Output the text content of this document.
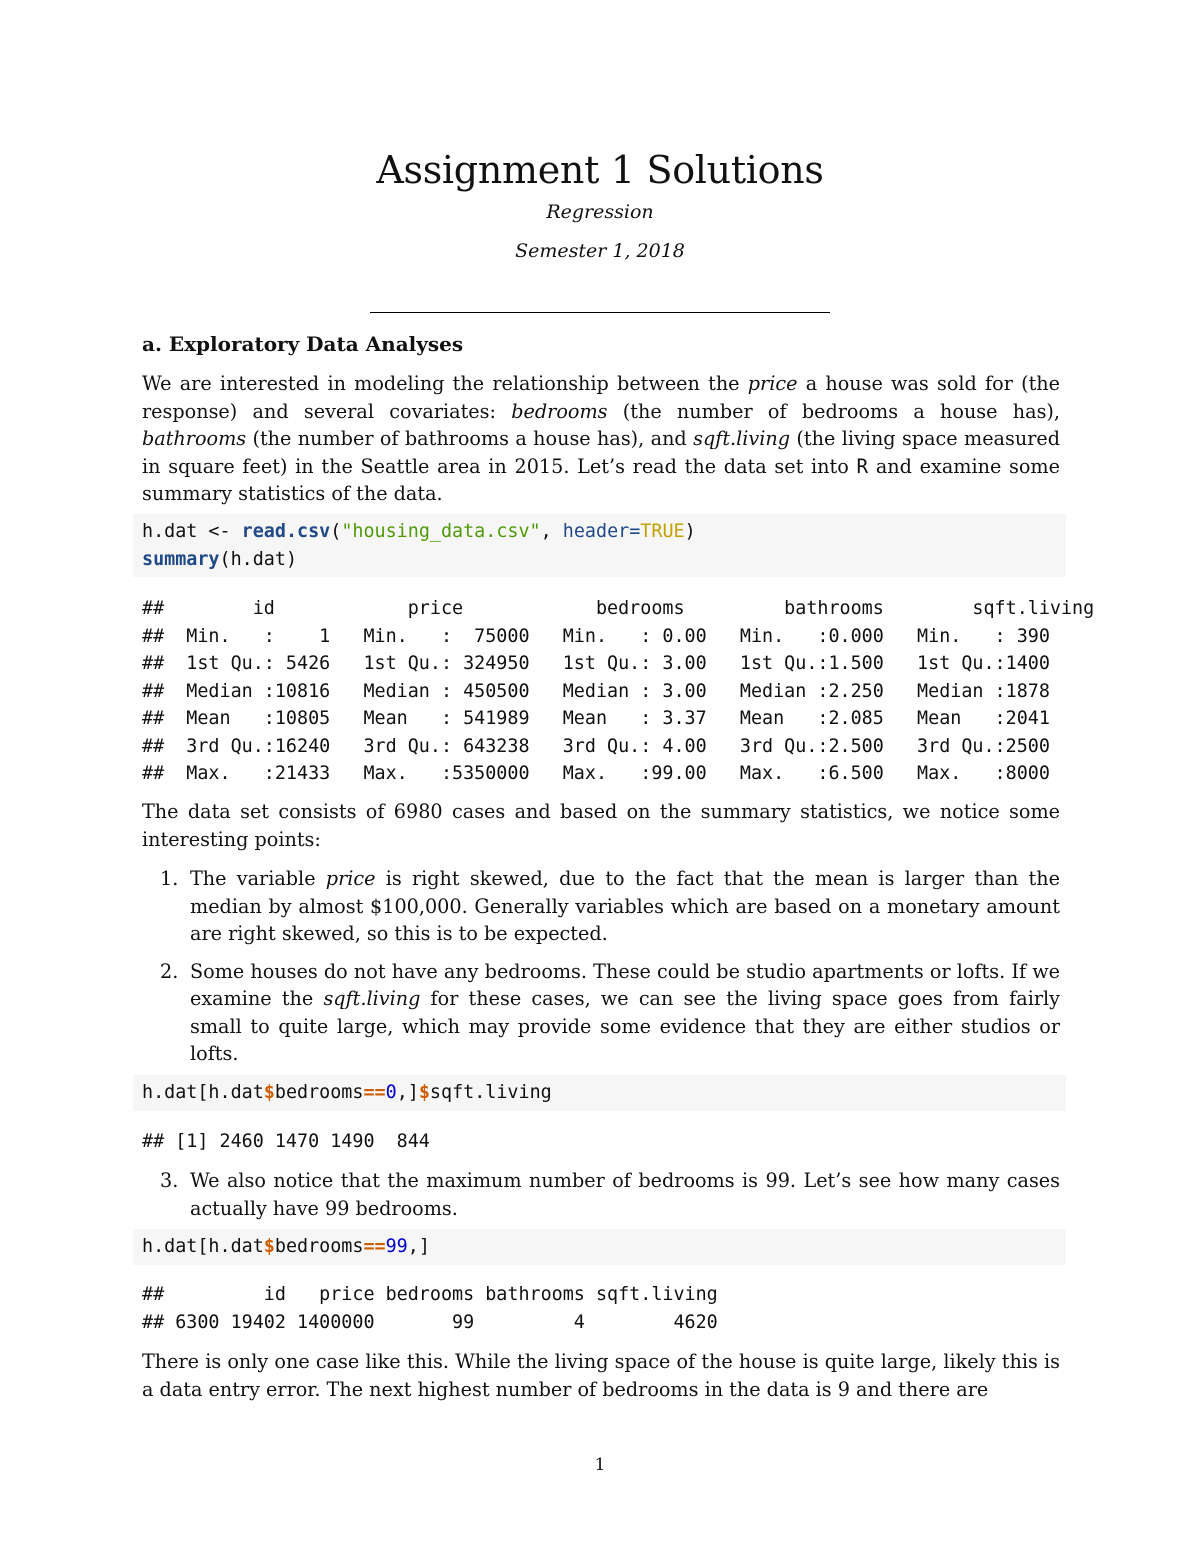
Assignment 1 Solutions
Regression
Semester 1, 2018
a. Exploratory Data Analyses
We are interested in modeling the relationship between the price a house was sold for (the response) and several covariates: bedrooms (the number of bedrooms a house has), bathrooms (the number of bathrooms a house has), and sqft.living (the living space measured in square feet) in the Seattle area in 2015. Let’s read the data set into R and examine some summary statistics of the data.
h.dat <- read.csv("housing_data.csv", header=TRUE)
summary(h.dat)
##        id            price            bedrooms         bathrooms        sqft.living
##  Min.   :    1   Min.   :  75000   Min.   : 0.00   Min.   :0.000   Min.   : 390
##  1st Qu.: 5426   1st Qu.: 324950   1st Qu.: 3.00   1st Qu.:1.500   1st Qu.:1400
##  Median :10816   Median : 450500   Median : 3.00   Median :2.250   Median :1878
##  Mean   :10805   Mean   : 541989   Mean   : 3.37   Mean   :2.085   Mean   :2041
##  3rd Qu.:16240   3rd Qu.: 643238   3rd Qu.: 4.00   3rd Qu.:2.500   3rd Qu.:2500
##  Max.   :21433   Max.   :5350000   Max.   :99.00   Max.   :6.500   Max.   :8000
The data set consists of 6980 cases and based on the summary statistics, we notice some interesting points:
1. The variable price is right skewed, due to the fact that the mean is larger than the median by almost $100,000. Generally variables which are based on a monetary amount are right skewed, so this is to be expected.
2. Some houses do not have any bedrooms. These could be studio apartments or lofts. If we examine the sqft.living for these cases, we can see the living space goes from fairly small to quite large, which may provide some evidence that they are either studios or lofts.
h.dat[h.dat$bedrooms==0,]$sqft.living
## [1] 2460 1470 1490  844
3. We also notice that the maximum number of bedrooms is 99. Let’s see how many cases actually have 99 bedrooms.
h.dat[h.dat$bedrooms==99,]
##         id   price bedrooms bathrooms sqft.living
## 6300 19402 1400000       99         4        4620
There is only one case like this. While the living space of the house is quite large, likely this is a data entry error. The next highest number of bedrooms in the data is 9 and there are
1
